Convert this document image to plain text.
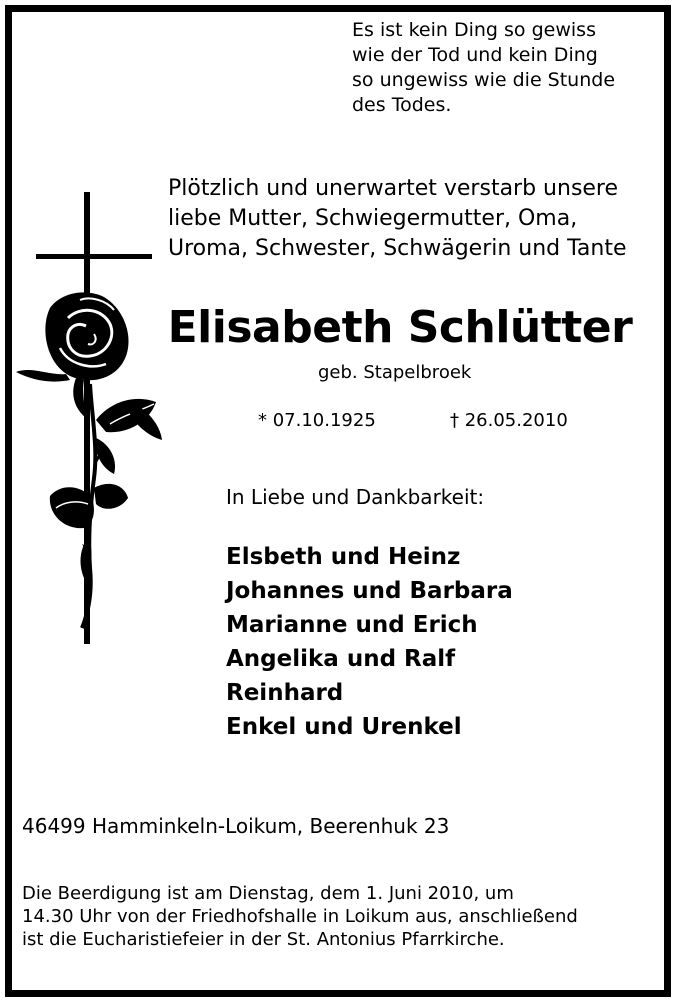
Es ist kein Ding so gewiss
wie der Tod und kein Ding
so ungewiss wie die Stunde
des Todes.
Plötzlich und unerwartet verstarb unsere
liebe Mutter, Schwiegermutter, Oma,
Uroma, Schwester, Schwägerin und Tante
Elisabeth Schlütter
geb. Stapelbroek
* 07.10.1925	† 26.05.2010
In Liebe und Dankbarkeit:
Elsbeth und Heinz
Johannes und Barbara
Marianne und Erich
Angelika und Ralf
Reinhard
Enkel und Urenkel
46499 Hamminkeln-Loikum, Beerenhuk 23
Die Beerdigung ist am Dienstag, dem 1. Juni 2010, um
14.30 Uhr von der Friedhofshalle in Loikum aus, anschließend
ist die Eucharistiefeier in der St. Antonius Pfarrkirche.
